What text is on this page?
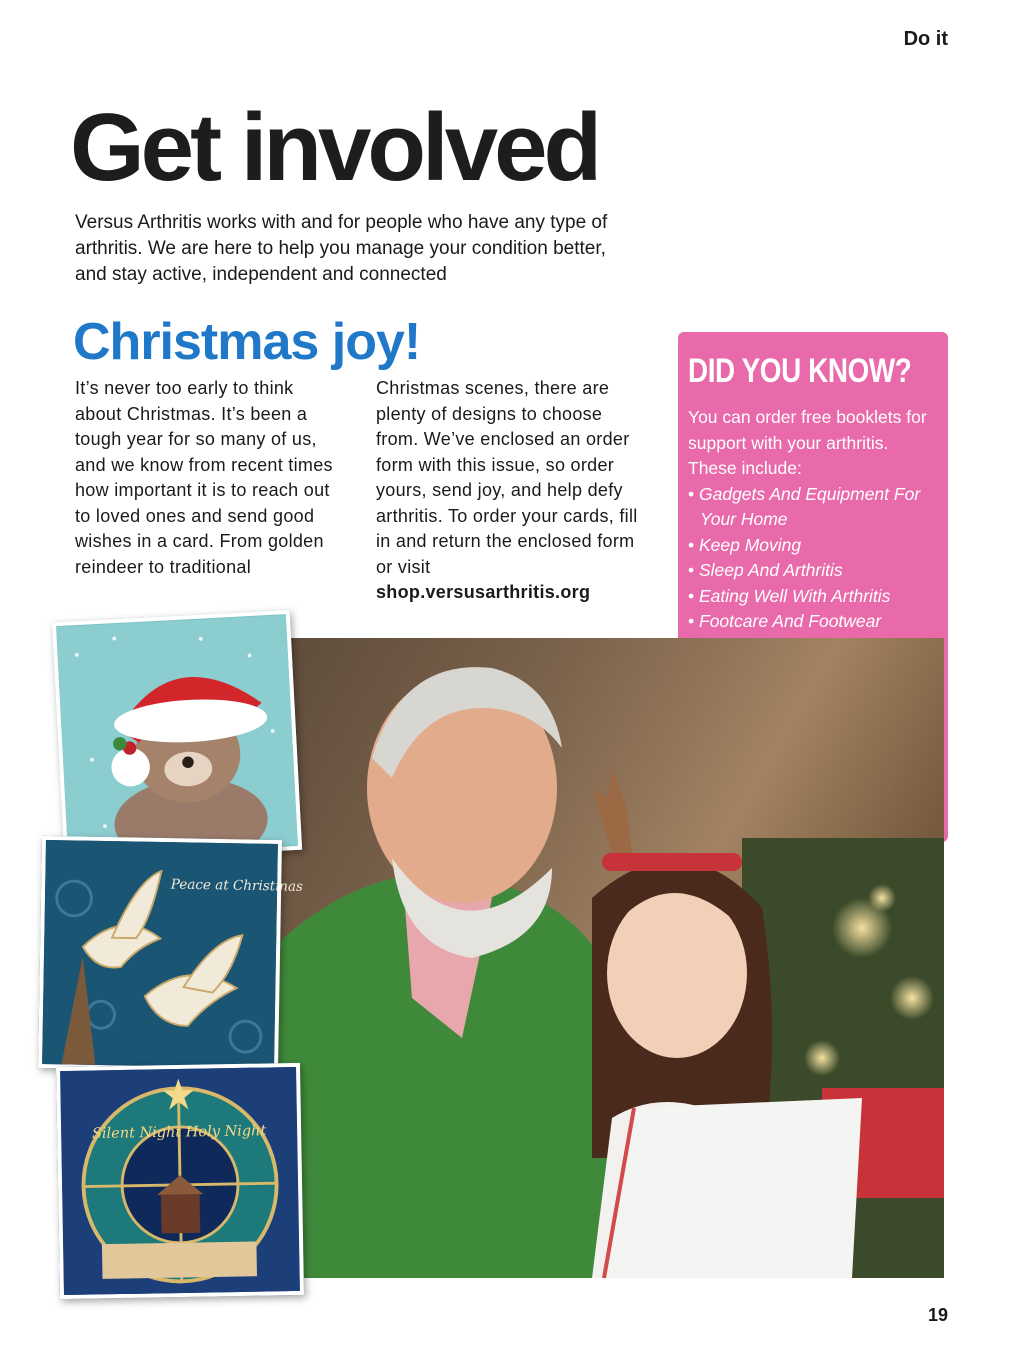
Do it
Get involved

Versus Arthritis works with and for people who have any type of arthritis. We are here to help you manage your condition better, and stay active, independent and connected

Christmas joy!

It’s never too early to think about Christmas. It’s been a tough year for so many of us, and we know from recent times how important it is to reach out to loved ones and send good wishes in a card. From golden reindeer to traditional

Christmas scenes, there are plenty of designs to choose from. We’ve enclosed an order form with this issue, so order yours, send joy, and help defy arthritis. To order your cards, fill in and return the enclosed form or visit shop.versusarthritis.org

DID YOU KNOW?

You can order free booklets for support with your arthritis. These include:

• Gadgets And Equipment For Your Home
• Keep Moving
• Sleep And Arthritis
• Eating Well With Arthritis
• Footcare And Footwear

Peace at Christmas
Silent Night Holy Night
19
